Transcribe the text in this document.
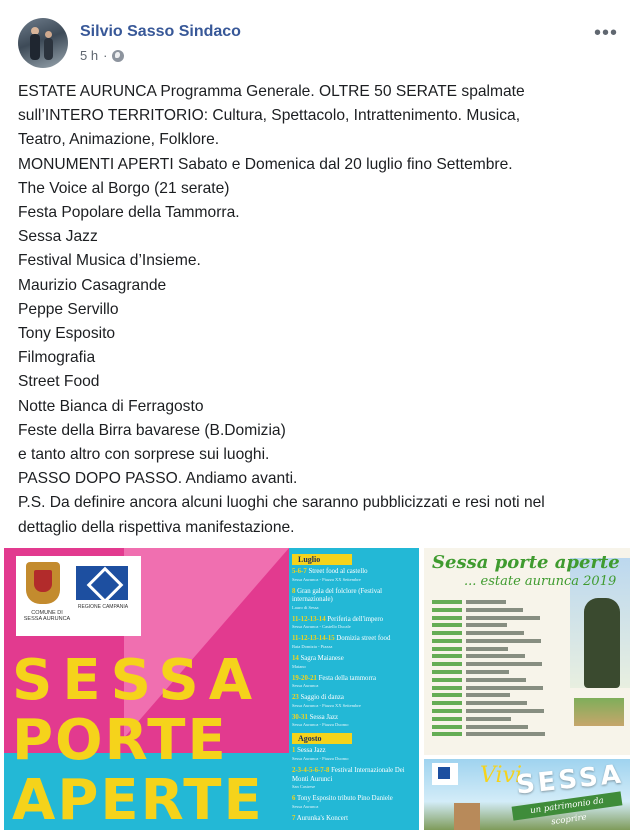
Silvio Sasso Sindaco
5 h ·
•••
ESTATE AURUNCA Programma Generale. OLTRE 50 SERATE spalmate
sull’INTERO TERRITORIO: Cultura, Spettacolo, Intrattenimento. Musica,
Teatro, Animazione, Folklore.
MONUMENTI APERTI Sabato e Domenica dal 20 luglio fino Settembre.
The Voice al Borgo (21 serate)
Festa Popolare della Tammorra.
Sessa Jazz
Festival Musica d’Insieme.
Maurizio Casagrande
Peppe Servillo
Tony Esposito
Filmografia
Street Food
Notte Bianca di Ferragosto
Feste della Birra bavarese (B.Domizia)
e tanto altro con sorprese sui luoghi.
PASSO DOPO PASSO. Andiamo avanti.
P.S. Da definire ancora alcuni luoghi che saranno pubblicizzati e resi noti nel
dettaglio della rispettiva manifestazione.
COMUNE DI SESSA AURUNCA
REGIONE CAMPANIA
SESSA
PORTE
APERTE
Luglio
5-6-7 Street food al castello
Sessa Aurunca - Piazza XX Settembre
8 Gran gala del folclore (Festival internazionale)
Lauro di Sessa
11-12-13-14 Periferia dell'impero
Sessa Aurunca - Castello Ducale
11-12-13-14-15 Domizia street food
Baia Domizia - Piazza
14 Sagra Maianese
Maiano
19-20-21 Festa della tammorra
Sessa Aurunca
23 Saggio di danza
Sessa Aurunca - Piazza XX Settembre
30-31 Sessa Jazz
Sessa Aurunca - Piazza Duomo
Agosto
1 Sessa Jazz
Sessa Aurunca - Piazza Duomo
2-3-4-5-6-7-8 Festival Internazionale Dei Monti Aurunci
San Castrese
6 Tony Esposito tributo Pino Daniele
Sessa Aurunca
7 Aurunka's Koncert
Sessa porte aperte
... estate aurunca 2019
Vivi
SESSA
un patrimonio da scoprire
